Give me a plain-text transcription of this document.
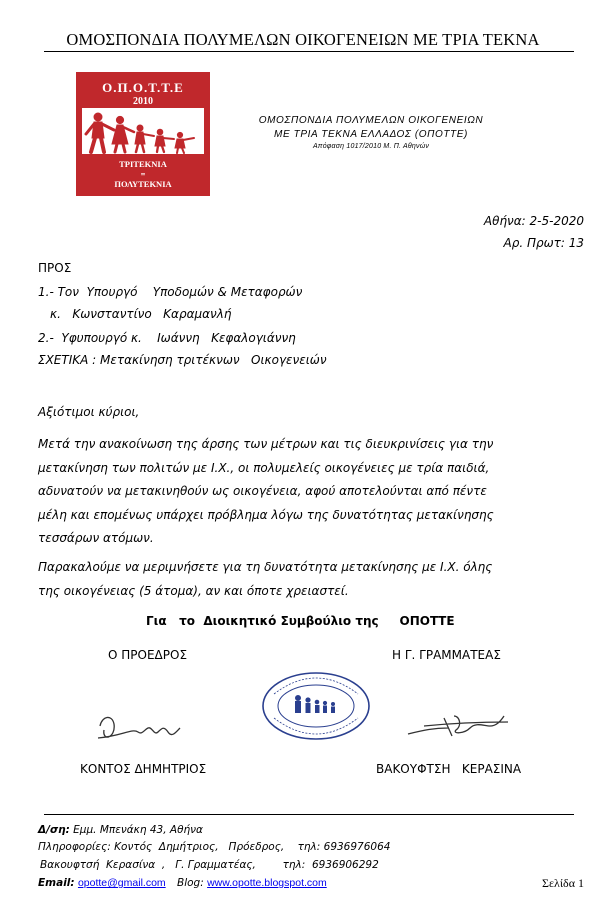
ΟΜΟΣΠΟΝΔΙΑ ΠΟΛΥΜΕΛΩΝ ΟΙΚΟΓΕΝΕΙΩΝ ΜΕ ΤΡΙΑ ΤΕΚΝΑ
Ο.Π.Ο.Τ.Τ.Ε
2010
ΤΡΙΤΕΚΝΙΑ
=
ΠΟΛΥΤΕΚΝΙΑ
ΟΜΟΣΠΟΝΔΙΑ ΠΟΛΥΜΕΛΩΝ ΟΙΚΟΓΕΝΕΙΩΝ
ΜΕ ΤΡΙΑ ΤΕΚΝΑ ΕΛΛΑΔΟΣ (ΟΠΟΤΤΕ)
Απόφαση 1017/2010 Μ. Π. Αθηνών
Αθήνα: 2-5-2020
Αρ. Πρωτ: 13
ΠΡΟΣ
1.- Τον  Υπουργό    Υποδομών & Μεταφορών
κ.   Κωνσταντίνο   Καραμανλή
2.-  Υφυπουργό κ.    Ιωάννη   Κεφαλογιάννη
ΣΧΕΤΙΚΑ : Μετακίνηση τριτέκνων   Οικογενειών
Αξιότιμοι κύριοι,
Μετά την ανακοίνωση της άρσης των μέτρων και τις διευκρινίσεις για την
μετακίνηση των πολιτών με Ι.Χ., οι πολυμελείς οικογένειες με τρία παιδιά,
αδυνατούν να μετακινηθούν ως οικογένεια, αφού αποτελούνται από πέντε
μέλη και επομένως υπάρχει πρόβλημα λόγω της δυνατότητας μετακίνησης
τεσσάρων ατόμων.
Παρακαλούμε να μεριμνήσετε για τη δυνατότητα μετακίνησης με Ι.Χ. όλης
της οικογένειας (5 άτομα), αν και όποτε χρειαστεί.
Για   το  Διοικητικό Συμβούλιο της     ΟΠΟΤΤΕ
Ο ΠΡΟΕΔΡΟΣ	Η Γ. ΓΡΑΜΜΑΤΕΑΣ
ΚΟΝΤΟΣ ΔΗΜΗΤΡΙΟΣ	ΒΑΚΟΥΦΤΣΗ   ΚΕΡΑΣΙΝΑ
Δ/ση: Εμμ. Μπενάκη 43, Αθήνα
Πληροφορίες: Κοντός  Δημήτριος,   Πρόεδρος,    τηλ: 6936976064
Βακουφτσή  Κερασίνα  ,   Γ. Γραμματέας,        τηλ:  6936906292
Email: opotte@gmail.com Blog: www.opotte.blogspot.com	Σελίδα 1
